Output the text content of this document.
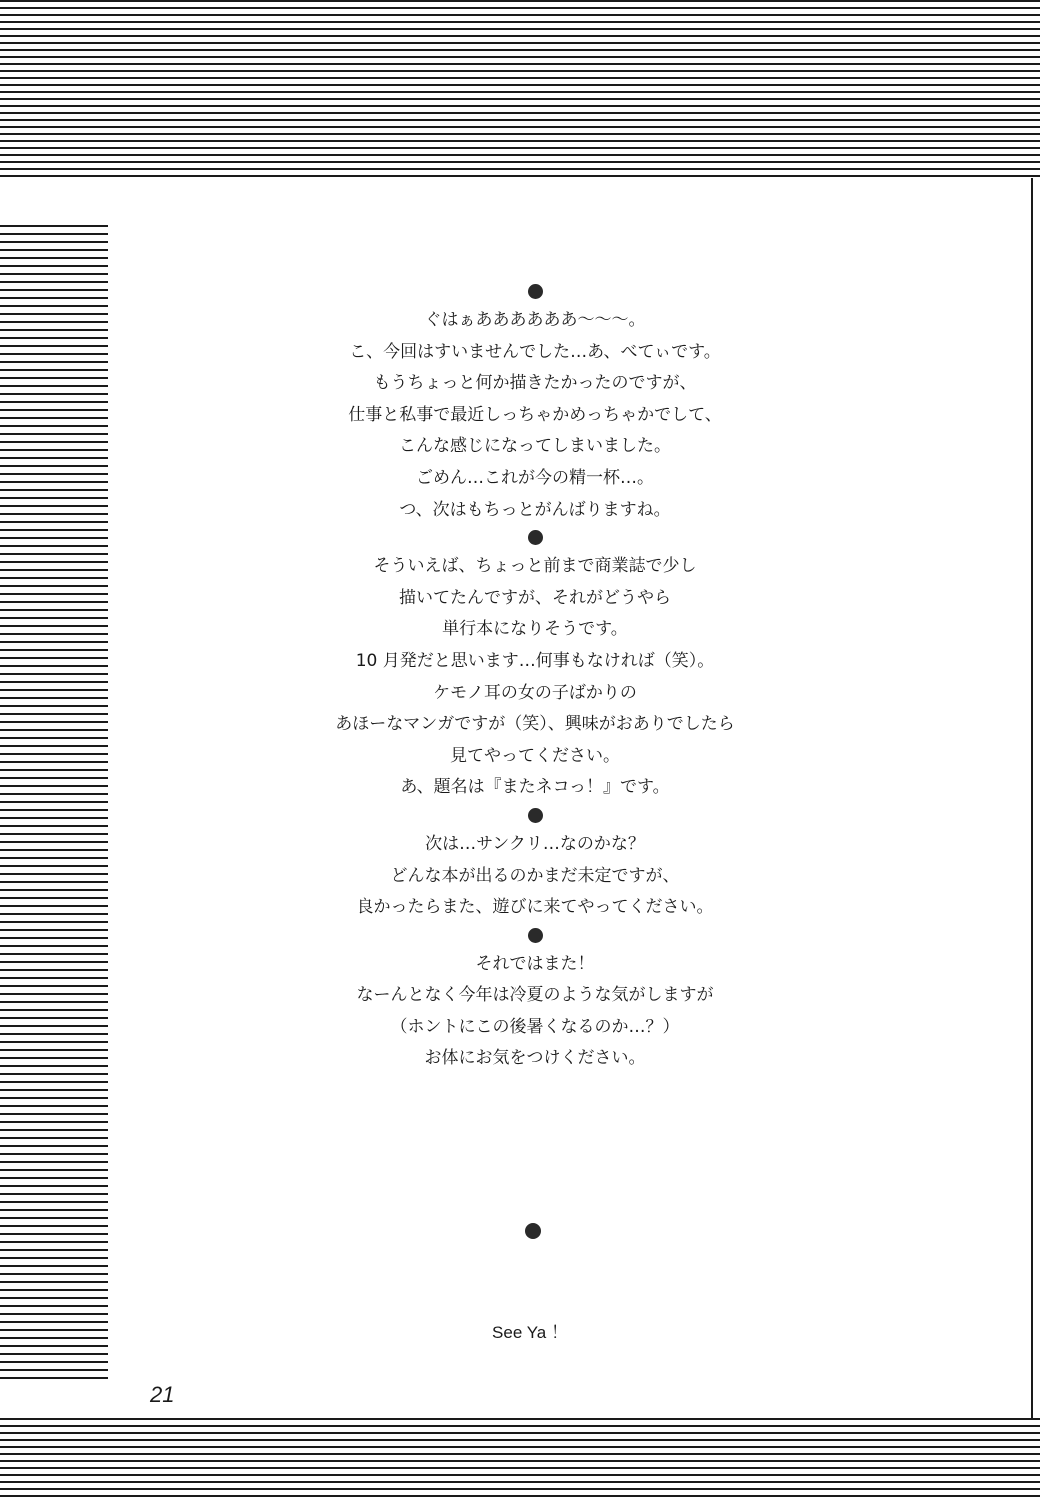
ぐはぁああああああ〜〜〜。
こ、今回はすいませんでした…あ、べてぃです。
もうちょっと何か描きたかったのですが、
仕事と私事で最近しっちゃかめっちゃかでして、
こんな感じになってしまいました。
ごめん…これが今の精一杯…。
つ、次はもちっとがんばりますね。
そういえば、ちょっと前まで商業誌で少し
描いてたんですが、それがどうやら
単行本になりそうです。
10 月発だと思います…何事もなければ（笑）。
ケモノ耳の女の子ばかりの
あほーなマンガですが（笑）、興味がおありでしたら
見てやってください。
あ、題名は『またネコっ！』です。
次は…サンクリ…なのかな？
どんな本が出るのかまだ未定ですが、
良かったらまた、遊びに来てやってください。
それではまた！
なーんとなく今年は冷夏のような気がしますが
（ホントにこの後暑くなるのか…？）
お体にお気をつけください。
See Ya ！
21
